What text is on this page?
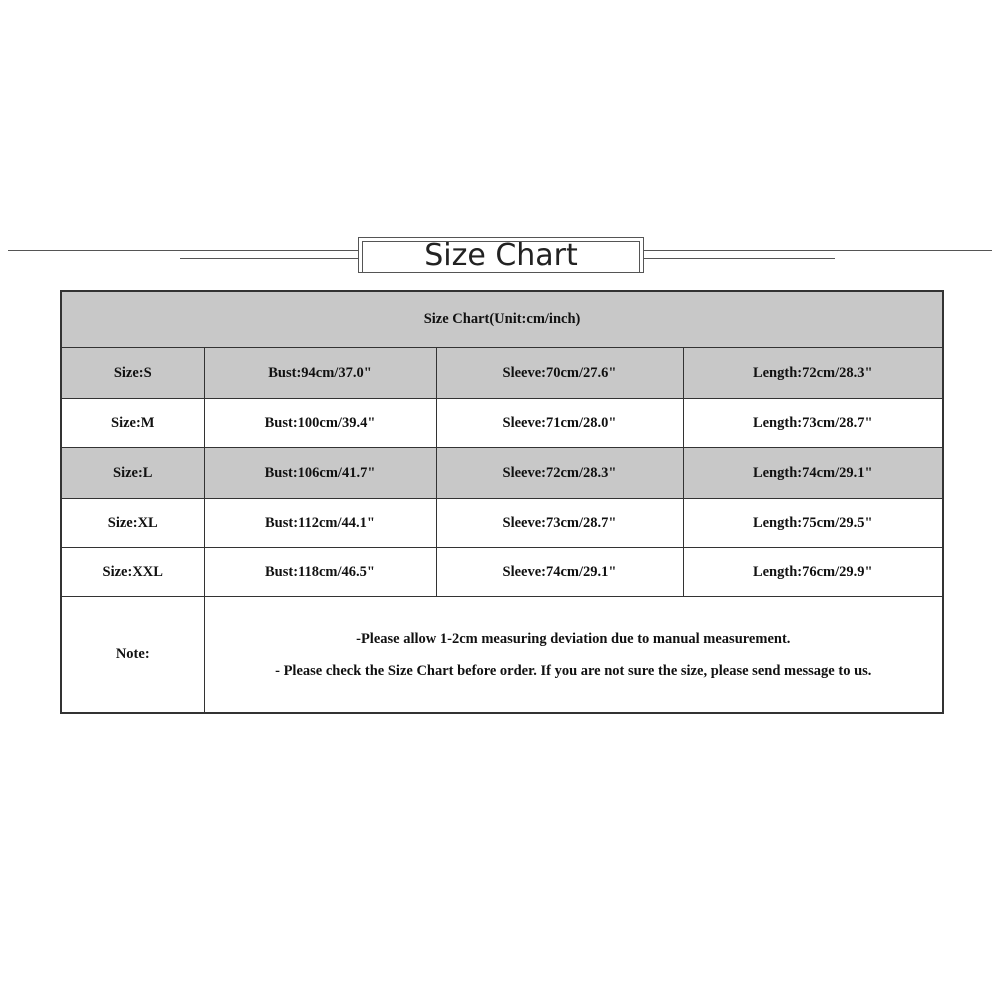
Size Chart
Size Chart(Unit:cm/inch)			
Size:S	Bust:94cm/37.0"	Sleeve:70cm/27.6"	Length:72cm/28.3"
Size:M	Bust:100cm/39.4"	Sleeve:71cm/28.0"	Length:73cm/28.7"
Size:L	Bust:106cm/41.7"	Sleeve:72cm/28.3"	Length:74cm/29.1"
Size:XL	Bust:112cm/44.1"	Sleeve:73cm/28.7"	Length:75cm/29.5"
Size:XXL	Bust:118cm/46.5"	Sleeve:74cm/29.1"	Length:76cm/29.9"
Note:	-Please allow 1-2cm measuring deviation due to manual measurement.
- Please check the Size Chart before order. If you are not sure the size, please send message to us.		
